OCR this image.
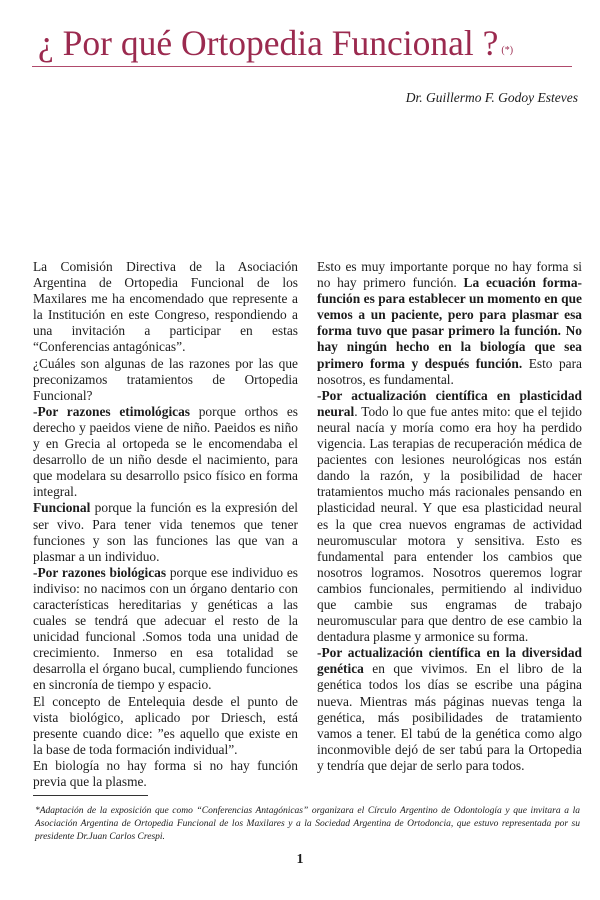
¿ Por qué Ortopedia Funcional ? (*)
Dr. Guillermo F. Godoy Esteves

La Comisión Directiva de la Asociación Argentina de Ortopedia Funcional de los Maxilares me ha encomendado que represente a la Institución en este Congreso, respondiendo a una invitación a participar en estas “Conferencias antagónicas”.

¿Cuáles son algunas de las razones por las que preconizamos tratamientos de Ortopedia Funcional?

-Por razones etimológicas porque orthos es derecho y paeidos viene de niño. Paeidos es niño y en Grecia al ortopeda se le encomendaba el desarrollo de un niño desde el nacimiento, para que modelara su desarrollo psico físico en forma integral.

Funcional porque la función es la expresión del ser vivo. Para tener vida tenemos que tener funciones y son las funciones las que van a plasmar a un individuo.

-Por razones biológicas porque ese individuo es indiviso: no nacimos con un órgano dentario con características hereditarias y genéticas a las cuales se tendrá que adecuar el resto de la unicidad funcional .Somos toda una unidad de crecimiento. Inmerso en esa totalidad se desarrolla el órgano bucal, cumpliendo funciones en sincronía de tiempo y espacio.

El concepto de Entelequia desde el punto de vista biológico, aplicado por Driesch, está presente cuando dice: ”es aquello que existe en la base de toda formación individual”.

En biología no hay forma si no hay función previa que la plasme.

Esto es muy importante porque no hay forma si no hay primero función. La ecuación forma-función es para establecer un momento en que vemos a un paciente, pero para plasmar esa forma tuvo que pasar primero la función. No hay ningún hecho en la biología que sea primero forma y después función. Esto para nosotros, es fundamental.

-Por actualización científica en plasticidad neural. Todo lo que fue antes mito: que el tejido neural nacía y moría como era hoy ha perdido vigencia. Las terapias de recuperación médica de pacientes con lesiones neurológicas nos están dando la razón, y la posibilidad de hacer tratamientos mucho más racionales pensando en plasticidad neural. Y que esa plasticidad neural es la que crea nuevos engramas de actividad neuromuscular motora y sensitiva. Esto es fundamental para entender los cambios que nosotros logramos. Nosotros queremos lograr cambios funcionales, permitiendo al individuo que cambie sus engramas de trabajo neuromuscular para que dentro de ese cambio la dentadura plasme y armonice su forma.

-Por actualización científica en la diversidad genética en que vivimos. En el libro de la genética todos los días se escribe una página nueva. Mientras más páginas nuevas tenga la genética, más posibilidades de tratamiento vamos a tener. El tabú de la genética como algo inconmovible dejó de ser tabú para la Ortopedia y tendría que dejar de serlo para todos.

*Adaptación de la exposición que como “Conferencias Antagónicas” organizara el Círculo Argentino de Odontología y que invitara a la Asociación Argentina de Ortopedia Funcional de los Maxilares y a la Sociedad Argentina de Ortodoncia, que estuvo representada por su presidente Dr.Juan Carlos Crespi.
1
